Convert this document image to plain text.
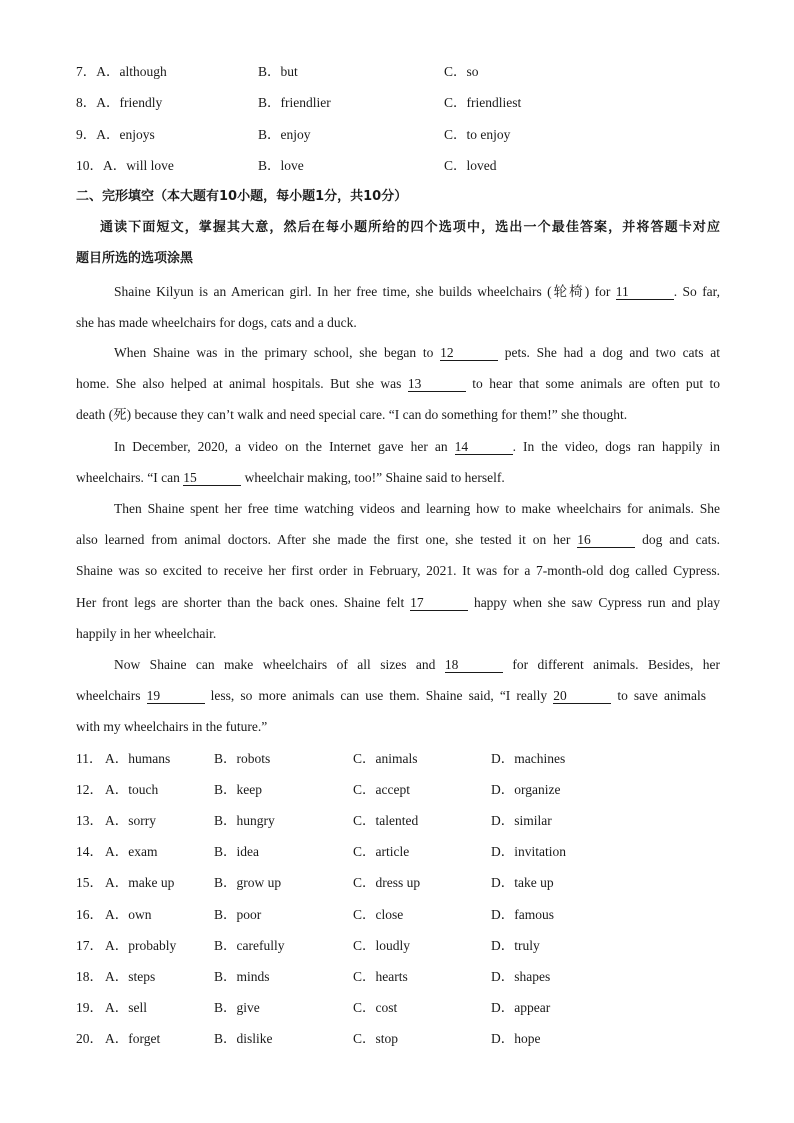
7．A．although	B．but	C．so
8．A．friendly	B．friendlier	C．friendliest
9．A．enjoys	B．enjoy	C．to enjoy
10．A．will love	B．love	C．loved
二、完形填空（本大题有10小题，每小题1分，共10分）
通读下面短文，掌握其大意，然后在每小题所给的四个选项中，选出一个最佳答案，并将答题卡对应
题目所选的选项涂黑
Shaine Kilyun is an American girl. In her free time, she builds wheelchairs (轮椅) for 11	. So far,
she has made wheelchairs for dogs, cats and a duck.
When Shaine was in the primary school, she began to 12	pets. She had a dog and two cats at
home. She also helped at animal hospitals. But she was 13	to hear that some animals are often put to
death (死) because they can’t walk and need special care. “I can do something for them!” she thought.
In December, 2020, a video on the Internet gave her an 14	. In the video, dogs ran happily in
wheelchairs. “I can 15	wheelchair making, too!” Shaine said to herself.
Then Shaine spent her free time watching videos and learning how to make wheelchairs for animals. She
also learned from animal doctors. After she made the first one, she tested it on her 16	dog and cats.
Shaine was so excited to receive her first order in February, 2021. It was for a 7-month-old dog called Cypress.
Her front legs are shorter than the back ones. Shaine felt 17	happy when she saw Cypress run and play
happily in her wheelchair.
Now Shaine can make wheelchairs of all sizes and 18	for different animals. Besides, her
wheelchairs 19	less, so more animals can use them. Shaine said, “I really 20	to save animals
with my wheelchairs in the future.”
11． A．humans	B．robots	C．animals	D．machines
12． A．touch	B．keep	C．accept	D．organize
13． A．sorry	B．hungry	C．talented	D．similar
14． A．exam	B．idea	C．article	D．invitation
15． A．make up	B．grow up	C．dress up	D．take up
16． A．own	B．poor	C．close	D．famous
17． A．probably	B．carefully	C．loudly	D．truly
18． A．steps	B．minds	C．hearts	D．shapes
19． A．sell	B．give	C．cost	D．appear
20． A．forget	B．dislike	C．stop	D．hope
